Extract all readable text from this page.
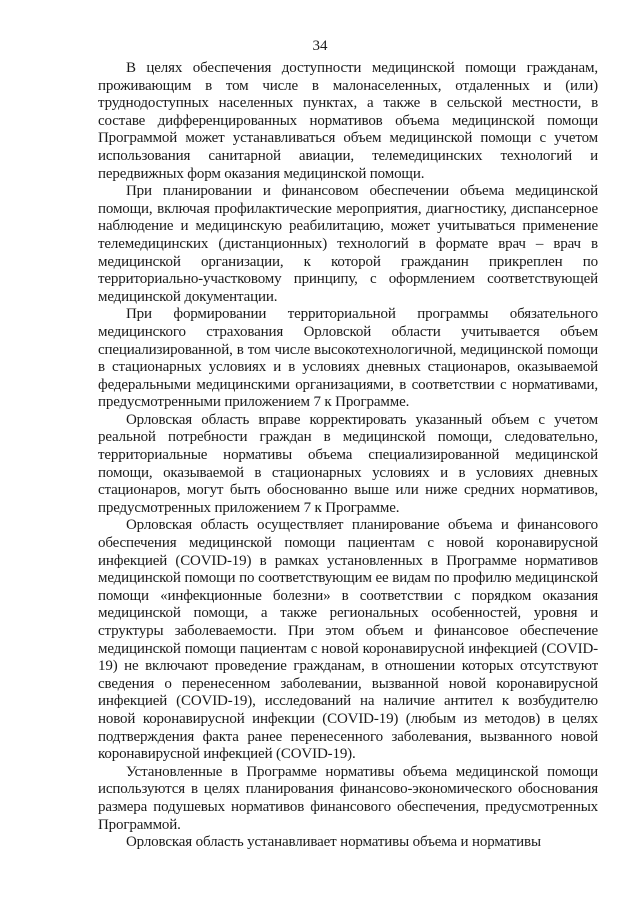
34

В целях обеспечения доступности медицинской помощи гражданам, проживающим в том числе в малонаселенных, отдаленных и (или) труднодоступных населенных пунктах, а также в сельской местности, в составе дифференцированных нормативов объема медицинской помощи Программой может устанавливаться объем медицинской помощи с учетом использования санитарной авиации, телемедицинских технологий и передвижных форм оказания медицинской помощи.

При планировании и финансовом обеспечении объема медицинской помощи, включая профилактические мероприятия, диагностику, диспансерное наблюдение и медицинскую реабилитацию, может учитываться применение телемедицинских (дистанционных) технологий в формате врач – врач в медицинской организации, к которой гражданин прикреплен по территориально-участковому принципу, с оформлением соответствующей медицинской документации.

При формировании территориальной программы обязательного медицинского страхования Орловской области учитывается объем специализированной, в том числе высокотехнологичной, медицинской помощи в стационарных условиях и в условиях дневных стационаров, оказываемой федеральными медицинскими организациями, в соответствии с нормативами, предусмотренными приложением 7 к Программе.

Орловская область вправе корректировать указанный объем с учетом реальной потребности граждан в медицинской помощи, следовательно, территориальные нормативы объема специализированной медицинской помощи, оказываемой в стационарных условиях и в условиях дневных стационаров, могут быть обоснованно выше или ниже средних нормативов, предусмотренных приложением 7 к Программе.

Орловская область осуществляет планирование объема и финансового обеспечения медицинской помощи пациентам с новой коронавирусной инфекцией (COVID-19) в рамках установленных в Программе нормативов медицинской помощи по соответствующим ее видам по профилю медицинской помощи «инфекционные болезни» в соответствии с порядком оказания медицинской помощи, а также региональных особенностей, уровня и структуры заболеваемости. При этом объем и финансовое обеспечение медицинской помощи пациентам с новой коронавирусной инфекцией (COVID-19) не включают проведение гражданам, в отношении которых отсутствуют сведения о перенесенном заболевании, вызванной новой коронавирусной инфекцией (COVID-19), исследований на наличие антител к возбудителю новой коронавирусной инфекции (COVID-19) (любым из методов) в целях подтверждения факта ранее перенесенного заболевания, вызванного новой коронавирусной инфекцией (COVID-19).

Установленные в Программе нормативы объема медицинской помощи используются в целях планирования финансово-экономического обоснования размера подушевых нормативов финансового обеспечения, предусмотренных Программой.

Орловская область устанавливает нормативы объема и нормативы
